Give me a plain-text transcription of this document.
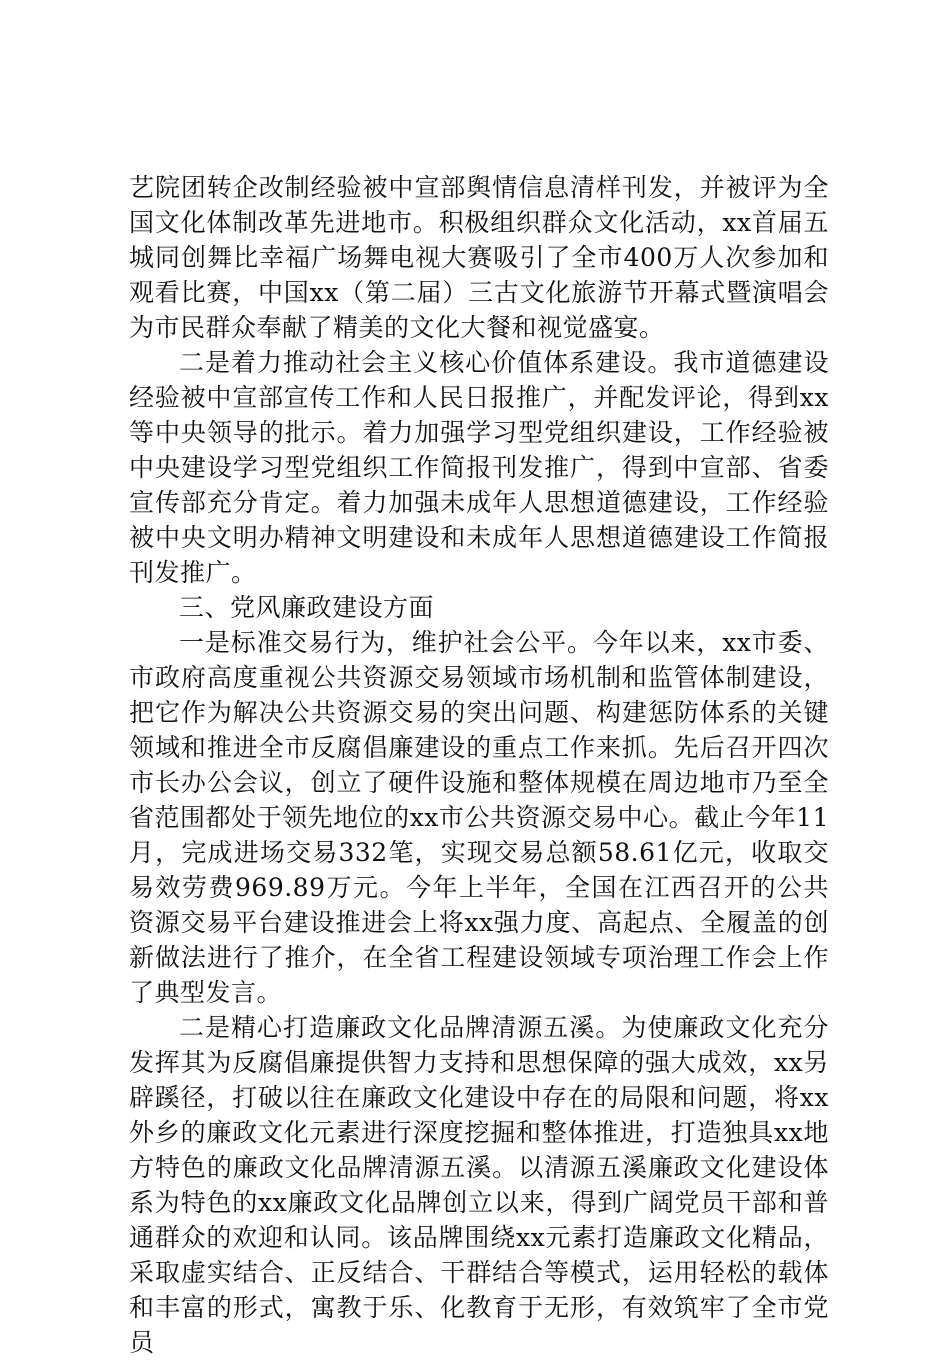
艺院团转企改制经验被中宣部舆情信息清样刊发，并被评为全国文化体制改革先进地市。积极组织群众文化活动，xx首届五城同创舞比幸福广场舞电视大赛吸引了全市400万人次参加和观看比赛，中国xx（第二届）三古文化旅游节开幕式暨演唱会为市民群众奉献了精美的文化大餐和视觉盛宴。

二是着力推动社会主义核心价值体系建设。我市道德建设经验被中宣部宣传工作和人民日报推广，并配发评论，得到xx等中央领导的批示。着力加强学习型党组织建设，工作经验被中央建设学习型党组织工作简报刊发推广，得到中宣部、省委宣传部充分肯定。着力加强未成年人思想道德建设，工作经验被中央文明办精神文明建设和未成年人思想道德建设工作简报刊发推广。

三、党风廉政建设方面

一是标准交易行为，维护社会公平。今年以来，xx市委、市政府高度重视公共资源交易领域市场机制和监管体制建设，把它作为解决公共资源交易的突出问题、构建惩防体系的关键领域和推进全市反腐倡廉建设的重点工作来抓。先后召开四次市长办公会议，创立了硬件设施和整体规模在周边地市乃至全省范围都处于领先地位的xx市公共资源交易中心。截止今年11月，完成进场交易332笔，实现交易总额58.61亿元，收取交易效劳费969.89万元。今年上半年，全国在江西召开的公共资源交易平台建设推进会上将xx强力度、高起点、全履盖的创新做法进行了推介，在全省工程建设领域专项治理工作会上作了典型发言。

二是精心打造廉政文化品牌清源五溪。为使廉政文化充分发挥其为反腐倡廉提供智力支持和思想保障的强大成效，xx另辟蹊径，打破以往在廉政文化建设中存在的局限和问题，将xx外乡的廉政文化元素进行深度挖掘和整体推进，打造独具xx地方特色的廉政文化品牌清源五溪。以清源五溪廉政文化建设体系为特色的xx廉政文化品牌创立以来，得到广阔党员干部和普通群众的欢迎和认同。该品牌围绕xx元素打造廉政文化精品，采取虚实结合、正反结合、干群结合等模式，运用轻松的载体和丰富的形式，寓教于乐、化教育于无形，有效筑牢了全市党员
